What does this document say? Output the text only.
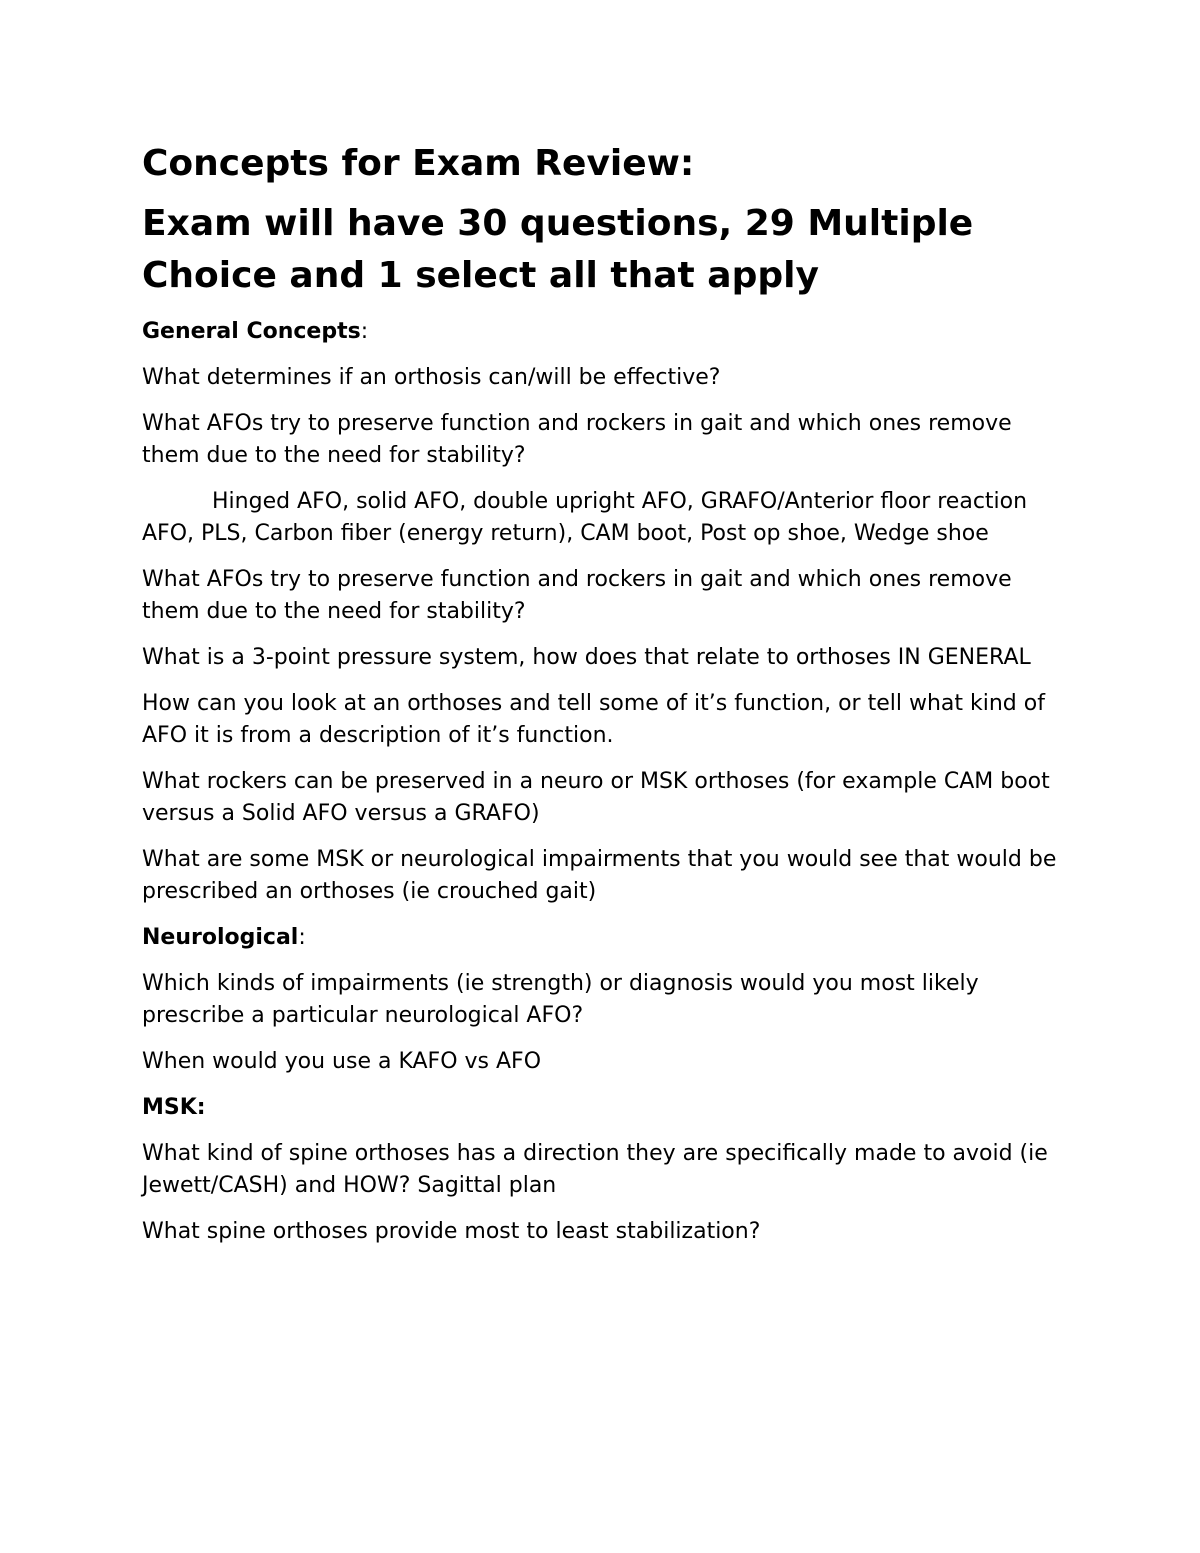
Concepts for Exam Review:
Exam will have 30 questions, 29 Multiple Choice and 1 select all that apply
General Concepts:
What determines if an orthosis can/will be effective?
What AFOs try to preserve function and rockers in gait and which ones remove them due to the need for stability?
Hinged AFO, solid AFO, double upright AFO, GRAFO/Anterior floor reaction AFO, PLS, Carbon fiber (energy return), CAM boot, Post op shoe, Wedge shoe
What AFOs try to preserve function and rockers in gait and which ones remove them due to the need for stability?
What is a 3-point pressure system, how does that relate to orthoses IN GENERAL
How can you look at an orthoses and tell some of it’s function, or tell what kind of AFO it is from a description of it’s function.
What rockers can be preserved in a neuro or MSK orthoses (for example CAM boot versus a Solid AFO versus a GRAFO)
What are some MSK or neurological impairments that you would see that would be prescribed an orthoses (ie crouched gait)
Neurological:
Which kinds of impairments (ie strength) or diagnosis would you most likely prescribe a particular neurological AFO?
When would you use a KAFO vs AFO
MSK:
What kind of spine orthoses has a direction they are specifically made to avoid (ie Jewett/CASH) and HOW? Sagittal plan
What spine orthoses provide most to least stabilization?
